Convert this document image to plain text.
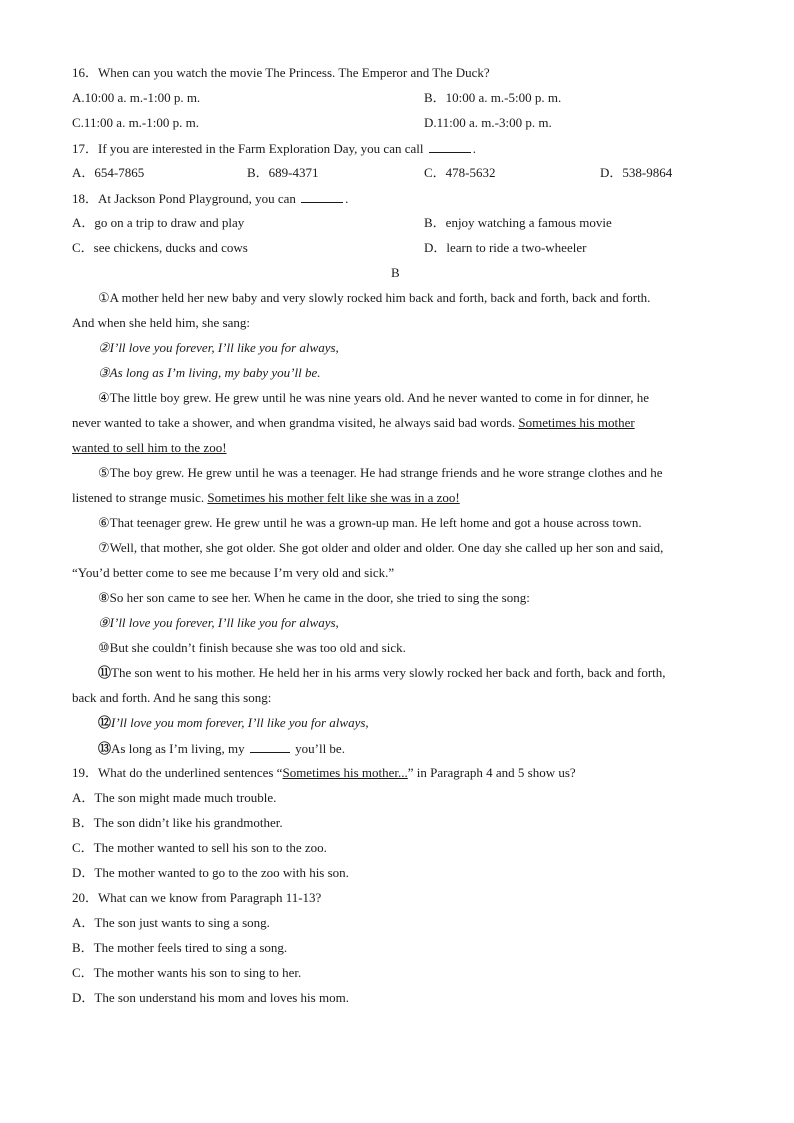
16．When can you watch the movie The Princess. The Emperor and The Duck?
A.10:00 a. m.-1:00 p. m.	B．10:00 a. m.-5:00 p. m.
C.11:00 a. m.-1:00 p. m.	D.11:00 a. m.-3:00 p. m.
17．If you are interested in the Farm Exploration Day, you can call	.
A．654-7865	B．689-4371	C．478-5632	D．538-9864
18．At Jackson Pond Playground, you can	.
A．go on a trip to draw and play	B．enjoy watching a famous movie
C．see chickens, ducks and cows	D．learn to ride a two-wheeler
B
①A mother held her new baby and very slowly rocked him back and forth, back and forth, back and forth.
And when she held him, she sang:
②I’ll love you forever, I’ll like you for always,
③As long as I’m living, my baby you’ll be.
④The little boy grew. He grew until he was nine years old. And he never wanted to come in for dinner, he
never wanted to take a shower, and when grandma visited, he always said bad words. Sometimes his mother
wanted to sell him to the zoo!
⑤The boy grew. He grew until he was a teenager. He had strange friends and he wore strange clothes and he
listened to strange music. Sometimes his mother felt like she was in a zoo!
⑥That teenager grew. He grew until he was a grown-up man. He left home and got a house across town.
⑦Well, that mother, she got older. She got older and older and older. One day she called up her son and said,
“You’d better come to see me because I’m very old and sick.”
⑧So her son came to see her. When he came in the door, she tried to sing the song:
⑨I’ll love you forever, I’ll like you for always,
⑩But she couldn’t finish because she was too old and sick.
⑪The son went to his mother. He held her in his arms very slowly rocked her back and forth, back and forth,
back and forth. And he sang this song:
⑫I’ll love you mom forever, I’ll like you for always,
⑬As long as I’m living, my	you’ll be.
19．What do the underlined sentences “Sometimes his mother...” in Paragraph 4 and 5 show us?
A．The son might made much trouble.
B．The son didn’t like his grandmother.
C．The mother wanted to sell his son to the zoo.
D．The mother wanted to go to the zoo with his son.
20．What can we know from Paragraph 11-13?
A．The son just wants to sing a song.
B．The mother feels tired to sing a song.
C．The mother wants his son to sing to her.
D．The son understand his mom and loves his mom.
